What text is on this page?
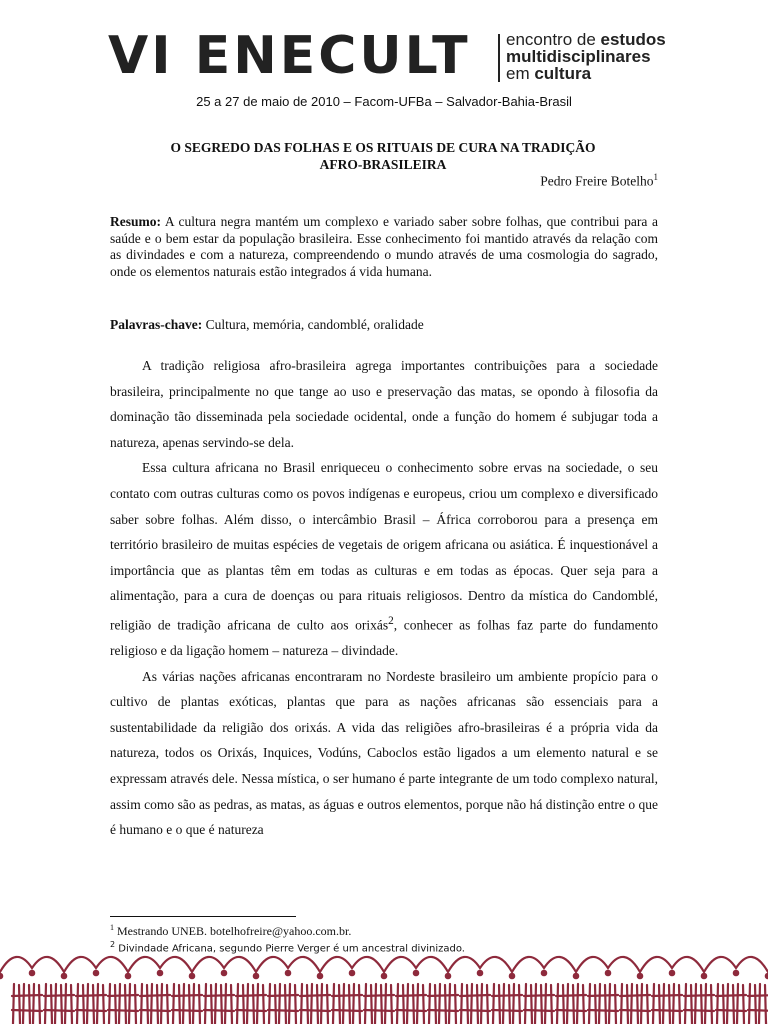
VI ENECULT encontro de estudos
multidisciplinares
em cultura
25 a 27 de maio de 2010 – Facom-UFBa – Salvador-Bahia-Brasil
O SEGREDO DAS FOLHAS E OS RITUAIS DE CURA NA TRADIÇÃO
AFRO-BRASILEIRA
Pedro Freire Botelho$^1$
Resumo: A cultura negra mantém um complexo e variado saber sobre folhas, que contribui para a saúde e o bem estar da população brasileira. Esse conhecimento foi mantido através da relação com as divindades e com a natureza, compreendendo o mundo através de uma cosmologia do sagrado, onde os elementos naturais estão integrados á vida humana.
Palavras-chave: Cultura, memória, candomblé, oralidade

A tradição religiosa afro-brasileira agrega importantes contribuições para a sociedade brasileira, principalmente no que tange ao uso e preservação das matas, se opondo à filosofia da dominação tão disseminada pela sociedade ocidental, onde a função do homem é subjugar toda a natureza, apenas servindo-se dela.

Essa cultura africana no Brasil enriqueceu o conhecimento sobre ervas na sociedade, o seu contato com outras culturas como os povos indígenas e europeus, criou um complexo e diversificado saber sobre folhas. Além disso, o intercâmbio Brasil – África corroborou para a presença em território brasileiro de muitas espécies de vegetais de origem africana ou asiática. É inquestionável a importância que as plantas têm em todas as culturas e em todas as épocas. Quer seja para a alimentação, para a cura de doenças ou para rituais religiosos. Dentro da mística do Candomblé, religião de tradição africana de culto aos orixás$^2$, conhecer as folhas faz parte do fundamento religioso e da ligação homem – natureza – divindade.

As várias nações africanas encontraram no Nordeste brasileiro um ambiente propício para o cultivo de plantas exóticas, plantas que para as nações africanas são essenciais para a sustentabilidade da religião dos orixás. A vida das religiões afro-brasileiras é a própria vida da natureza, todos os Orixás, Inquices, Vodúns, Caboclos estão ligados a um elemento natural e se expressam através dele. Nessa mística, o ser humano é parte integrante de um todo complexo natural, assim como são as pedras, as matas, as águas e outros elementos, porque não há distinção entre o que é humano e o que é natureza

$^1$ Mestrando UNEB. botelhofreire@yahoo.com.br.
$^2$ Divindade Africana, segundo Pierre Verger é um ancestral divinizado.
